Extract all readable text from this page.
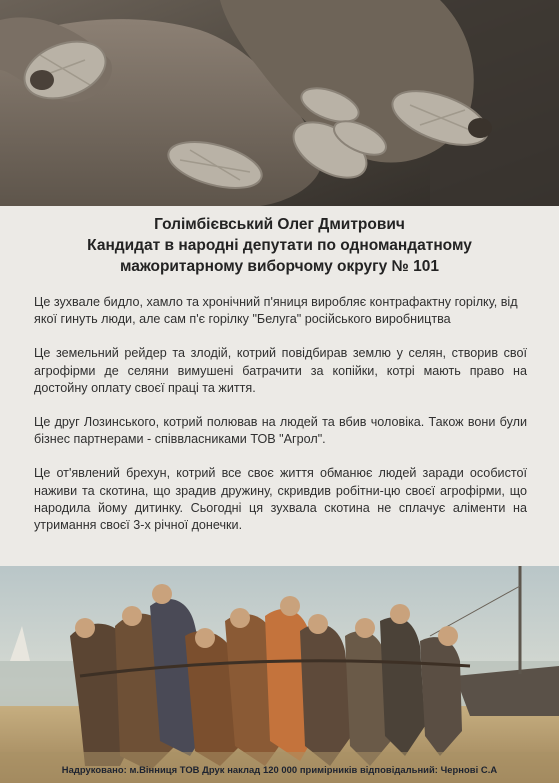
Голімбієвський Олег Дмитрович
Кандидат в народні депутати по одномандатному
мажоритарному виборчому округу № 101

Це зухвале бидло, хамло та хронічний п'яниця виробляє контрафактну горілку, від якої гинуть люди, але сам п'є горілку "Белуга" російського виробництва

Це земельний рейдер та злодій, котрий повідбирав землю у селян, створив свої агрофірми де селяни вимушені батрачити за копійки, котрі мають право на достойну оплату своєї праці та життя.

Це друг Лозинського, котрий полював на людей та вбив чоловіка. Також вони були бізнес партнерами - співвласниками ТОВ "Агрол".

Це от'явлений брехун, котрий все своє життя обманює людей заради особистої наживи та скотина, що зрадив дружину, скривдив робітни-цю своєї агрофірми, що народила йому дитинку. Сьогодні ця зухвала скотина не сплачує аліменти на утримання своєї 3-х річної донечки.

Надруковано: м.Вінниця ТОВ Друк наклад 120 000 примірників відповідальний: Чернові С.А
